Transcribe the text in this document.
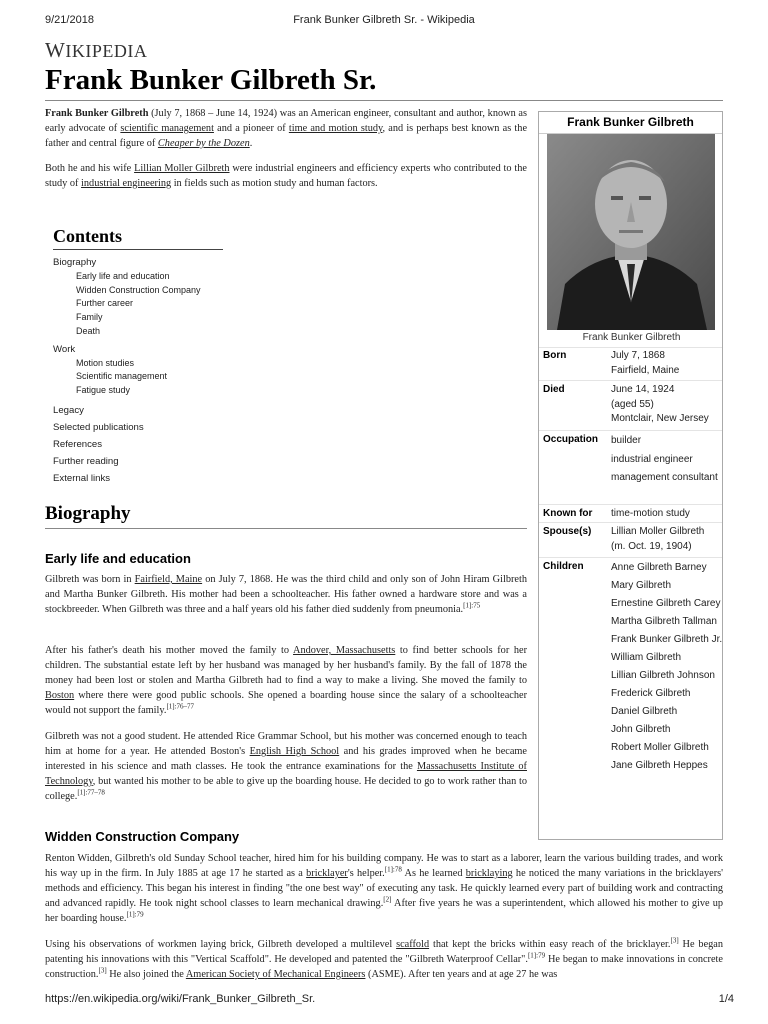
9/21/2018	Frank Bunker Gilbreth Sr. - Wikipedia
https://en.wikipedia.org/wiki/Frank_Bunker_Gilbreth_Sr.	1/4
WIKIPEDIA
Frank Bunker Gilbreth Sr.

Frank Bunker Gilbreth (July 7, 1868 – June 14, 1924) was an American engineer, consultant and author, known as early advocate of scientific management and a pioneer of time and motion study, and is perhaps best known as the father and central figure of Cheaper by the Dozen.

Both he and his wife Lillian Moller Gilbreth were industrial engineers and efficiency experts who contributed to the study of industrial engineering in fields such as motion study and human factors.

Contents
Biography
Early life and education
Widden Construction Company
Further career
Family
Death
Work
Motion studies
Scientific management
Fatigue study
Legacy
Selected publications
References
Further reading
External links
Biography
Early life and education

Gilbreth was born in Fairfield, Maine on July 7, 1868. He was the third child and only son of John Hiram Gilbreth and Martha Bunker Gilbreth. His mother had been a schoolteacher. His father owned a hardware store and was a stockbreeder. When Gilbreth was three and a half years old his father died suddenly from pneumonia.$^{[1]:75}$

After his father's death his mother moved the family to Andover, Massachusetts to find better schools for her children. The substantial estate left by her husband was managed by her husband's family. By the fall of 1878 the money had been lost or stolen and Martha Gilbreth had to find a way to make a living. She moved the family to Boston where there were good public schools. She opened a boarding house since the salary of a schoolteacher would not support the family.$^{[1]:76-77}$

Gilbreth was not a good student. He attended Rice Grammar School, but his mother was concerned enough to teach him at home for a year. He attended Boston's English High School and his grades improved when he became interested in his science and math classes. He took the entrance examinations for the Massachusetts Institute of Technology, but wanted his mother to be able to give up the boarding house. He decided to go to work rather than to college.$^{[1]:77-78}$

Widden Construction Company

Renton Widden, Gilbreth's old Sunday School teacher, hired him for his building company. He was to start as a laborer, learn the various building trades, and work his way up in the firm. In July 1885 at age 17 he started as a bricklayer's helper.$^{[1]:78}$ As he learned bricklaying he noticed the many variations in the bricklayers' methods and efficiency. This began his interest in finding "the one best way" of executing any task. He quickly learned every part of building work and contracting and advanced rapidly. He took night school classes to learn mechanical drawing.[2] After five years he was a superintendent, which allowed his mother to give up her boarding house.$^{[1]:79}$

Using his observations of workmen laying brick, Gilbreth developed a multilevel scaffold that kept the bricks within easy reach of the bricklayer.[3] He began patenting his innovations with this "Vertical Scaffold". He developed and patented the "Gilbreth Waterproof Cellar".$^{[1]:79}$ He began to make innovations in concrete construction.[3] He also joined the American Society of Mechanical Engineers (ASME). After ten years and at age 27 he was

Frank Bunker Gilbreth
Frank Bunker Gilbreth
Born	July 7, 1868
Fairfield, Maine
Died	June 14, 1924
(aged 55)
Montclair, New Jersey
Occupation builder
industrial engineer
management consultant
Known for time-motion study
Spouse(s) Lillian Moller Gilbreth
(m. Oct. 19, 1904)
Children	Anne Gilbreth Barney
Mary Gilbreth
Ernestine Gilbreth Carey
Martha Gilbreth Tallman
Frank Bunker Gilbreth Jr.
William Gilbreth
Lillian Gilbreth Johnson
Frederick Gilbreth
Daniel Gilbreth
John Gilbreth
Robert Moller Gilbreth
Jane Gilbreth Heppes
